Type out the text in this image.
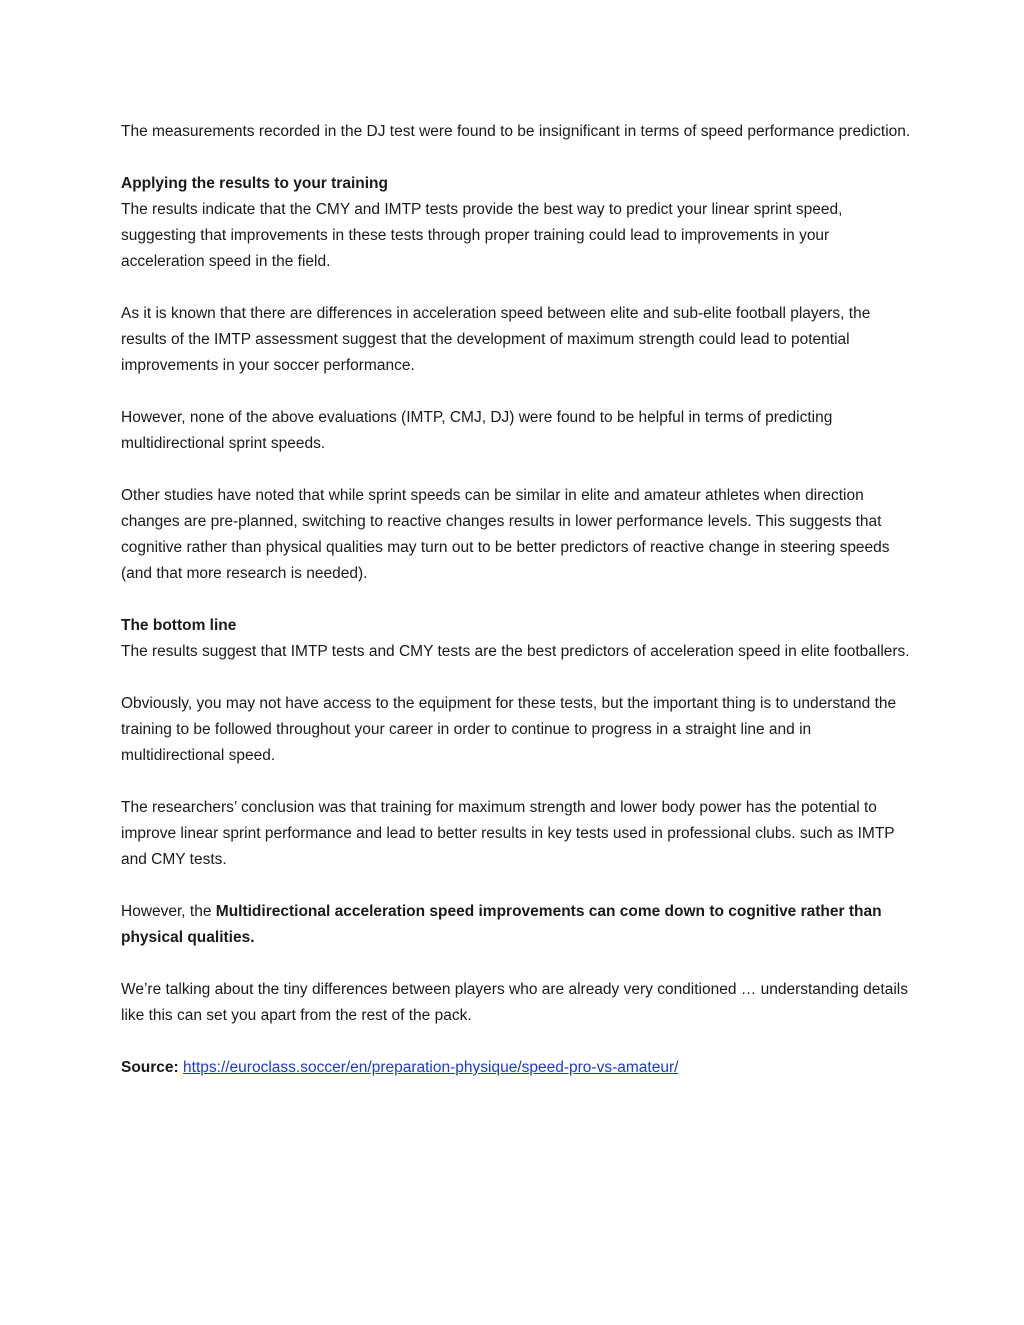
The measurements recorded in the DJ test were found to be insignificant in terms of speed performance prediction.

Applying the results to your training
The results indicate that the CMY and IMTP tests provide the best way to predict your linear sprint speed, suggesting that improvements in these tests through proper training could lead to improvements in your acceleration speed in the field.

As it is known that there are differences in acceleration speed between elite and sub-elite football players, the results of the IMTP assessment suggest that the development of maximum strength could lead to potential improvements in your soccer performance.

However, none of the above evaluations (IMTP, CMJ, DJ) were found to be helpful in terms of predicting multidirectional sprint speeds.

Other studies have noted that while sprint speeds can be similar in elite and amateur athletes when direction changes are pre-planned, switching to reactive changes results in lower performance levels. This suggests that cognitive rather than physical qualities may turn out to be better predictors of reactive change in steering speeds (and that more research is needed).

The bottom line
The results suggest that IMTP tests and CMY tests are the best predictors of acceleration speed in elite footballers.

Obviously, you may not have access to the equipment for these tests, but the important thing is to understand the training to be followed throughout your career in order to continue to progress in a straight line and in multidirectional speed.

The researchers’ conclusion was that training for maximum strength and lower body power has the potential to improve linear sprint performance and lead to better results in key tests used in professional clubs. such as IMTP and CMY tests.

However, the Multidirectional acceleration speed improvements can come down to cognitive rather than physical qualities.

We’re talking about the tiny differences between players who are already very conditioned … understanding details like this can set you apart from the rest of the pack.

Source: https://euroclass.soccer/en/preparation-physique/speed-pro-vs-amateur/
